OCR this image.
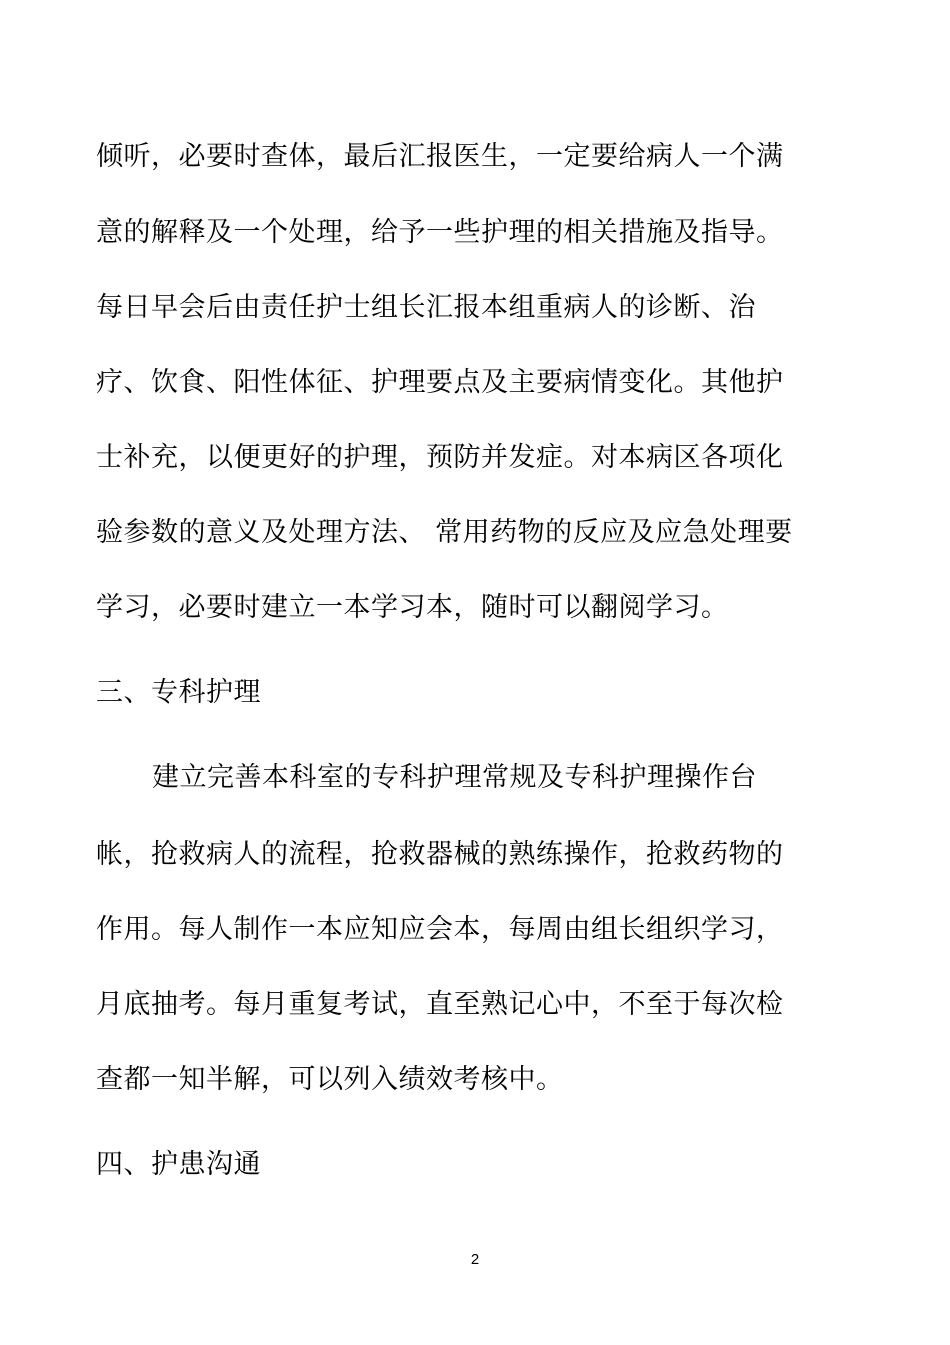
倾听，必要时查体，最后汇报医生，一定要给病人一个满
意的解释及一个处理，给予一些护理的相关措施及指导。
每日早会后由责任护士组长汇报本组重病人的诊断、治
疗、饮食、阳性体征、护理要点及主要病情变化。其他护
士补充，以便更好的护理，预防并发症。对本病区各项化
验参数的意义及处理方法、 常用药物的反应及应急处理要
学习，必要时建立一本学习本，随时可以翻阅学习。
三、专科护理
建立完善本科室的专科护理常规及专科护理操作台
帐，抢救病人的流程，抢救器械的熟练操作，抢救药物的
作用。每人制作一本应知应会本，每周由组长组织学习，
月底抽考。每月重复考试，直至熟记心中，不至于每次检
查都一知半解，可以列入绩效考核中。
四、护患沟通
2
